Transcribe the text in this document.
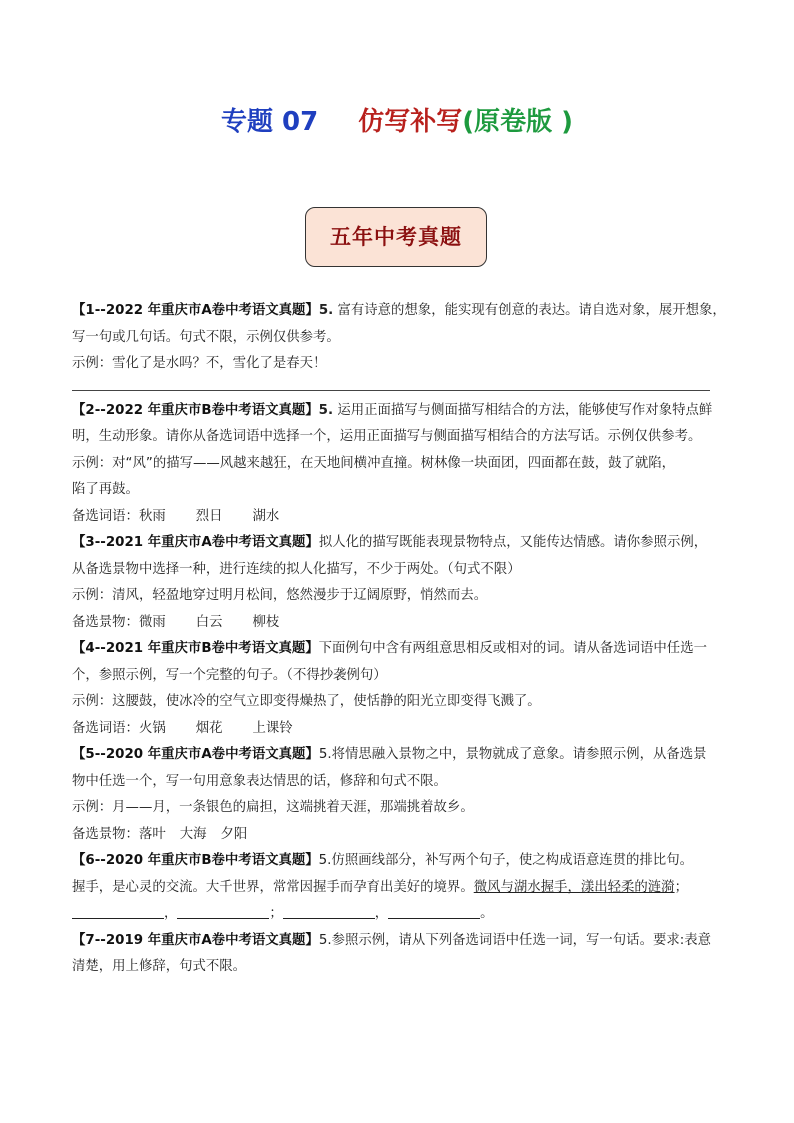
专题 07 仿写补写(原卷版 )
五年中考真题

【1--2022 年重庆市A卷中考语文真题】5. 富有诗意的想象，能实现有创意的表达。请自选对象，展开想象，

写一句或几句话。句式不限，示例仅供参考。

示例：雪化了是水吗？不，雪化了是春天！

【2--2022 年重庆市B卷中考语文真题】5. 运用正面描写与侧面描写相结合的方法，能够使写作对象特点鲜

明，生动形象。请你从备选词语中选择一个，运用正面描写与侧面描写相结合的方法写话。示例仅供参考。

示例：对“风”的描写——风越来越狂，在天地间横冲直撞。树林像一块面团，四面都在鼓，鼓了就陷，

陷了再鼓。

备选词语：秋雨 烈日 湖水

【3--2021 年重庆市A卷中考语文真题】拟人化的描写既能表现景物特点，又能传达情感。请你参照示例，

从备选景物中选择一种，进行连续的拟人化描写，不少于两处。（句式不限）

示例：清风，轻盈地穿过明月松间，悠然漫步于辽阔原野，悄然而去。

备选景物：微雨 白云 柳枝

【4--2021 年重庆市B卷中考语文真题】下面例句中含有两组意思相反或相对的词。请从备选词语中任选一

个，参照示例，写一个完整的句子。（不得抄袭例句）

示例：这腰鼓，使冰冷的空气立即变得燥热了，使恬静的阳光立即变得飞溅了。

备选词语：火锅 烟花 上课铃

【5--2020 年重庆市A卷中考语文真题】5.将情思融入景物之中，景物就成了意象。请参照示例，从备选景

物中任选一个，写一句用意象表达情思的话，修辞和句式不限。

示例：月——月，一条银色的扁担，这端挑着天涯，那端挑着故乡。

备选景物：落叶 大海 夕阳

【6--2020 年重庆市B卷中考语文真题】5.仿照画线部分，补写两个句子，使之构成语意连贯的排比句。

握手，是心灵的交流。大千世界，常常因握手而孕育出美好的境界。微风与湖水握手，漾出轻柔的涟漪；

，	；	，	。

【7--2019 年重庆市A卷中考语文真题】5.参照示例，请从下列备选词语中任选一词，写一句话。要求:表意

清楚，用上修辞，句式不限。
